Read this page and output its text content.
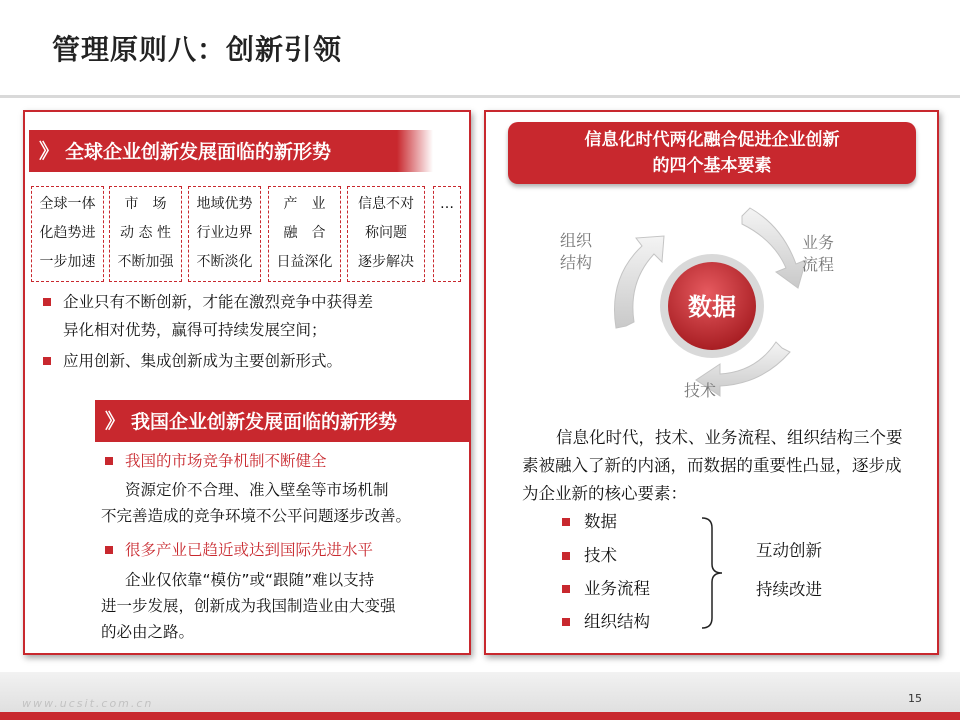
管理原则八：创新引领
》 全球企业创新发展面临的新形势
全球一体
化趋势进
一步加速
市　场
动 态 性
不断加强
地域优势
行业边界
不断淡化
产　业
融　合
日益深化
信息不对
称问题
逐步解决
…
企业只有不断创新，才能在激烈竞争中获得差
异化相对优势，赢得可持续发展空间；
应用创新、集成创新成为主要创新形式。
》 我国企业创新发展面临的新形势
我国的市场竞争机制不断健全
资源定价不合理、准入壁垒等市场机制
不完善造成的竞争环境不公平问题逐步改善。
很多产业已趋近或达到国际先进水平
企业仅依靠“模仿”或“跟随”难以支持
进一步发展，创新成为我国制造业由大变强
的必由之路。
信息化时代两化融合促进企业创新
的四个基本要素
数据
组织
结构
业务
流程
技术
信息化时代，技术、业务流程、组织结构三个要素被融入了新的内涵，而数据的重要性凸显，逐步成为企业新的核心要素：
数据
技术
业务流程
组织结构
互动创新
持续改进
www.ucsit.com.cn	15
